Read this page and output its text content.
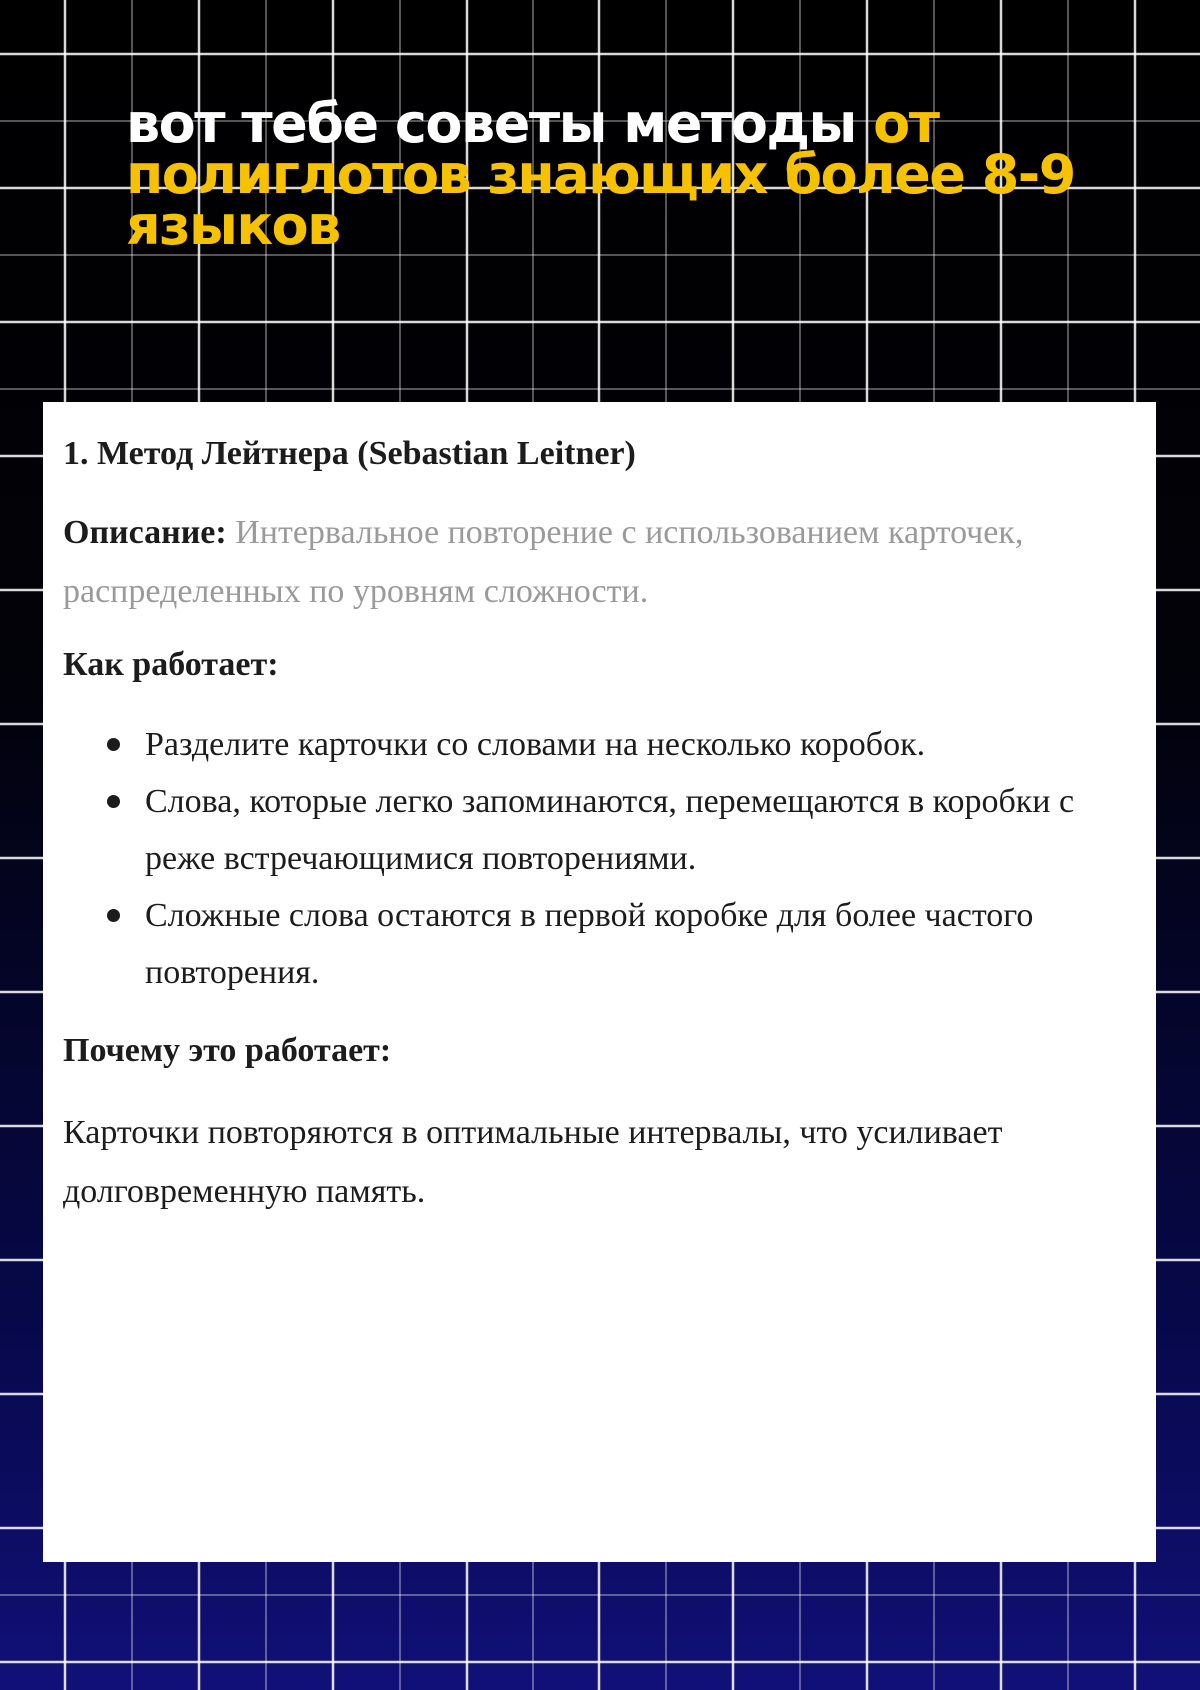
вот тебе советы методы от полиглотов знающих более 8-9 языков
1. Метод Лейтнера (Sebastian Leitner)

Описание: Интервальное повторение с использованием карточек, распределенных по уровням сложности.

Как работает:
Разделите карточки со словами на несколько коробок.
Слова, которые легко запоминаются, перемещаются в коробки с реже встречающимися повторениями.
Сложные слова остаются в первой коробке для более частого повторения.
Почему это работает:

Карточки повторяются в оптимальные интервалы, что усиливает долговременную память.
